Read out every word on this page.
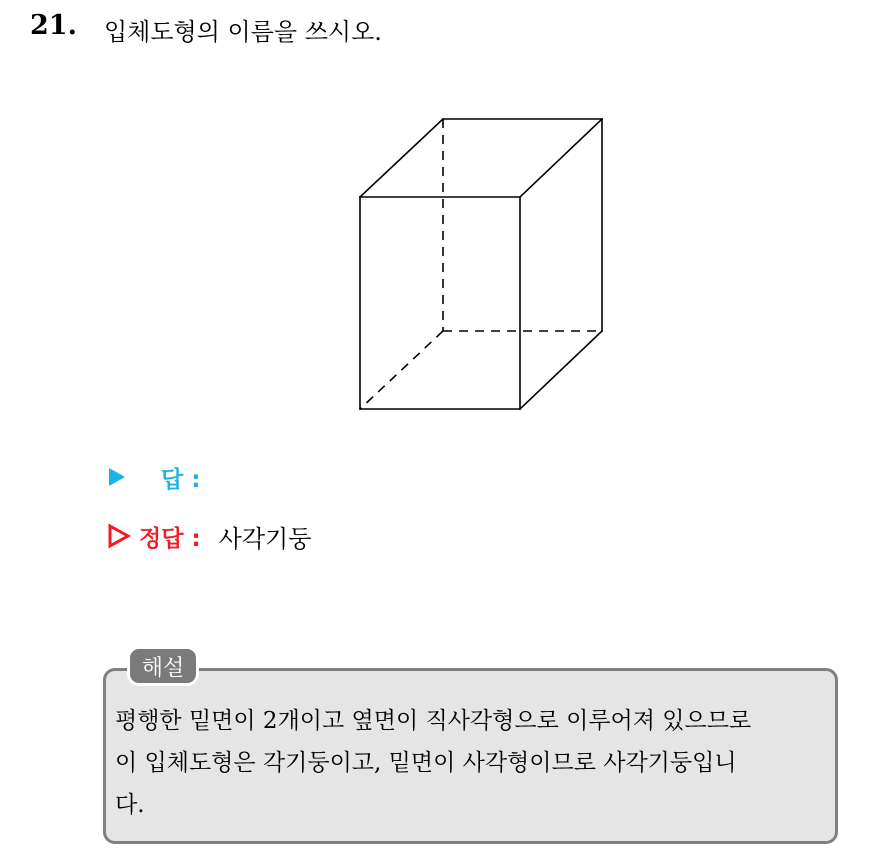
21. 입체도형의 이름을 쓰시오.
답 :
정답 : 사각기둥
해설
평행한 밑면이 2개이고 옆면이 직사각형으로 이루어져 있으므로
이 입체도형은 각기둥이고, 밑면이 사각형이므로 사각기둥입니
다.
